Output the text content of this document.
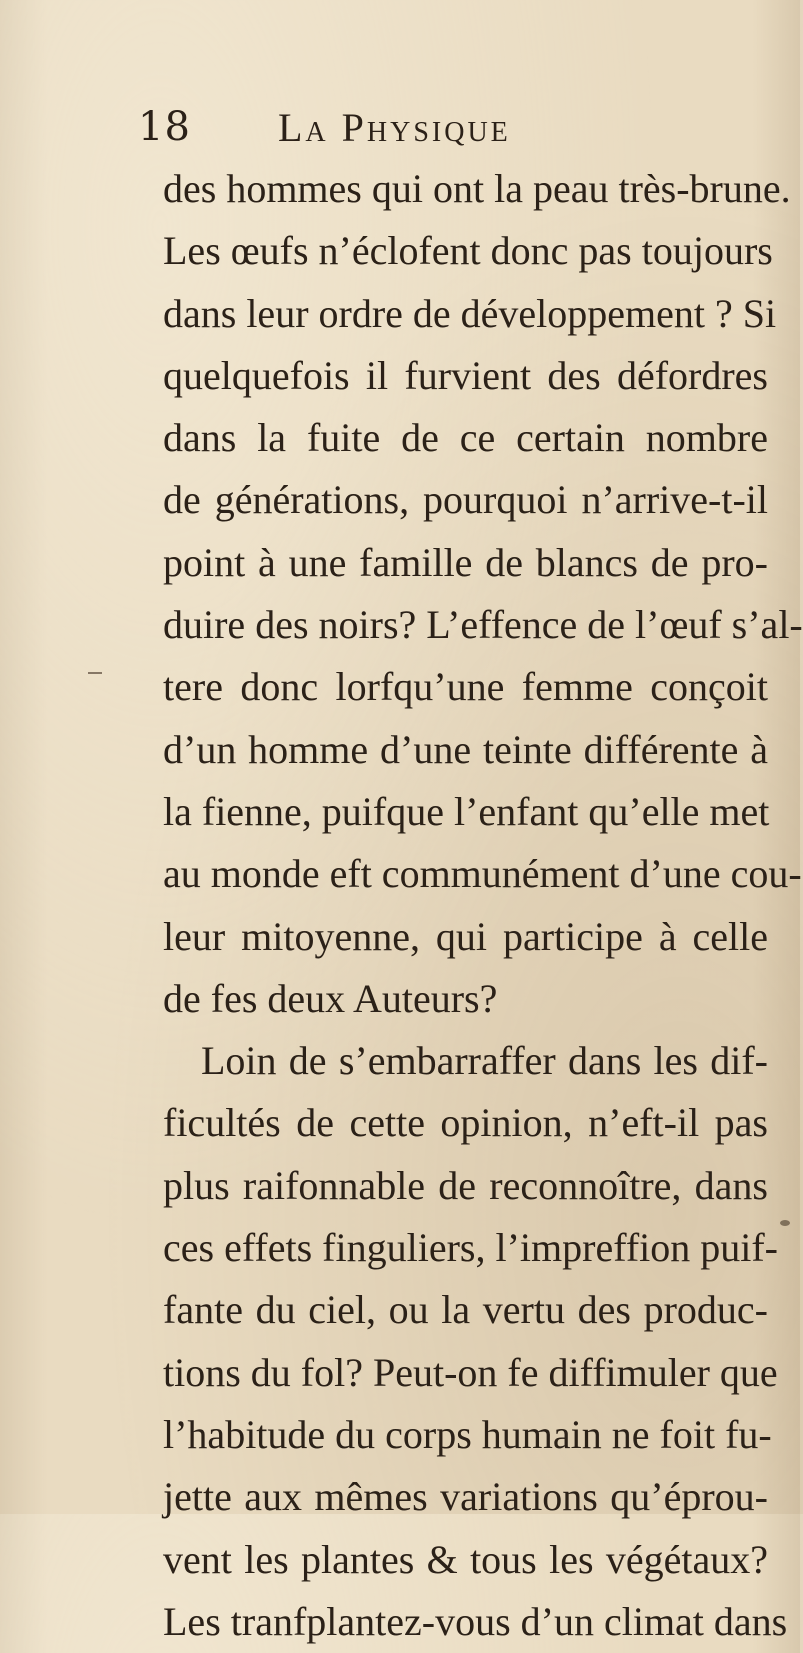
18 La Physique
des hommes qui ont la peau très-brune.
Les œufs n’éclofent donc pas toujours
dans leur ordre de développement ? Si
quelquefois il furvient des défordres
dans la fuite de ce certain nombre
de générations, pourquoi n’arrive-t-il
point à une famille de blancs de pro-
duire des noirs? L’effence de l’œuf s’al-
tere donc lorfqu’une femme conçoit
d’un homme d’une teinte différente à
la fienne, puifque l’enfant qu’elle met
au monde eft communément d’une cou-
leur mitoyenne, qui participe à celle
de fes deux Auteurs?
Loin de s’embarraffer dans les dif-
ficultés de cette opinion, n’eft-il pas
plus raifonnable de reconnoître, dans
ces effets finguliers, l’impreffion puif-
fante du ciel, ou la vertu des produc-
tions du fol? Peut-on fe diffimuler que
l’habitude du corps humain ne foit fu-
jette aux mêmes variations qu’éprou-
vent les plantes & tous les végétaux?
Les tranfplantez-vous d’un climat dans
